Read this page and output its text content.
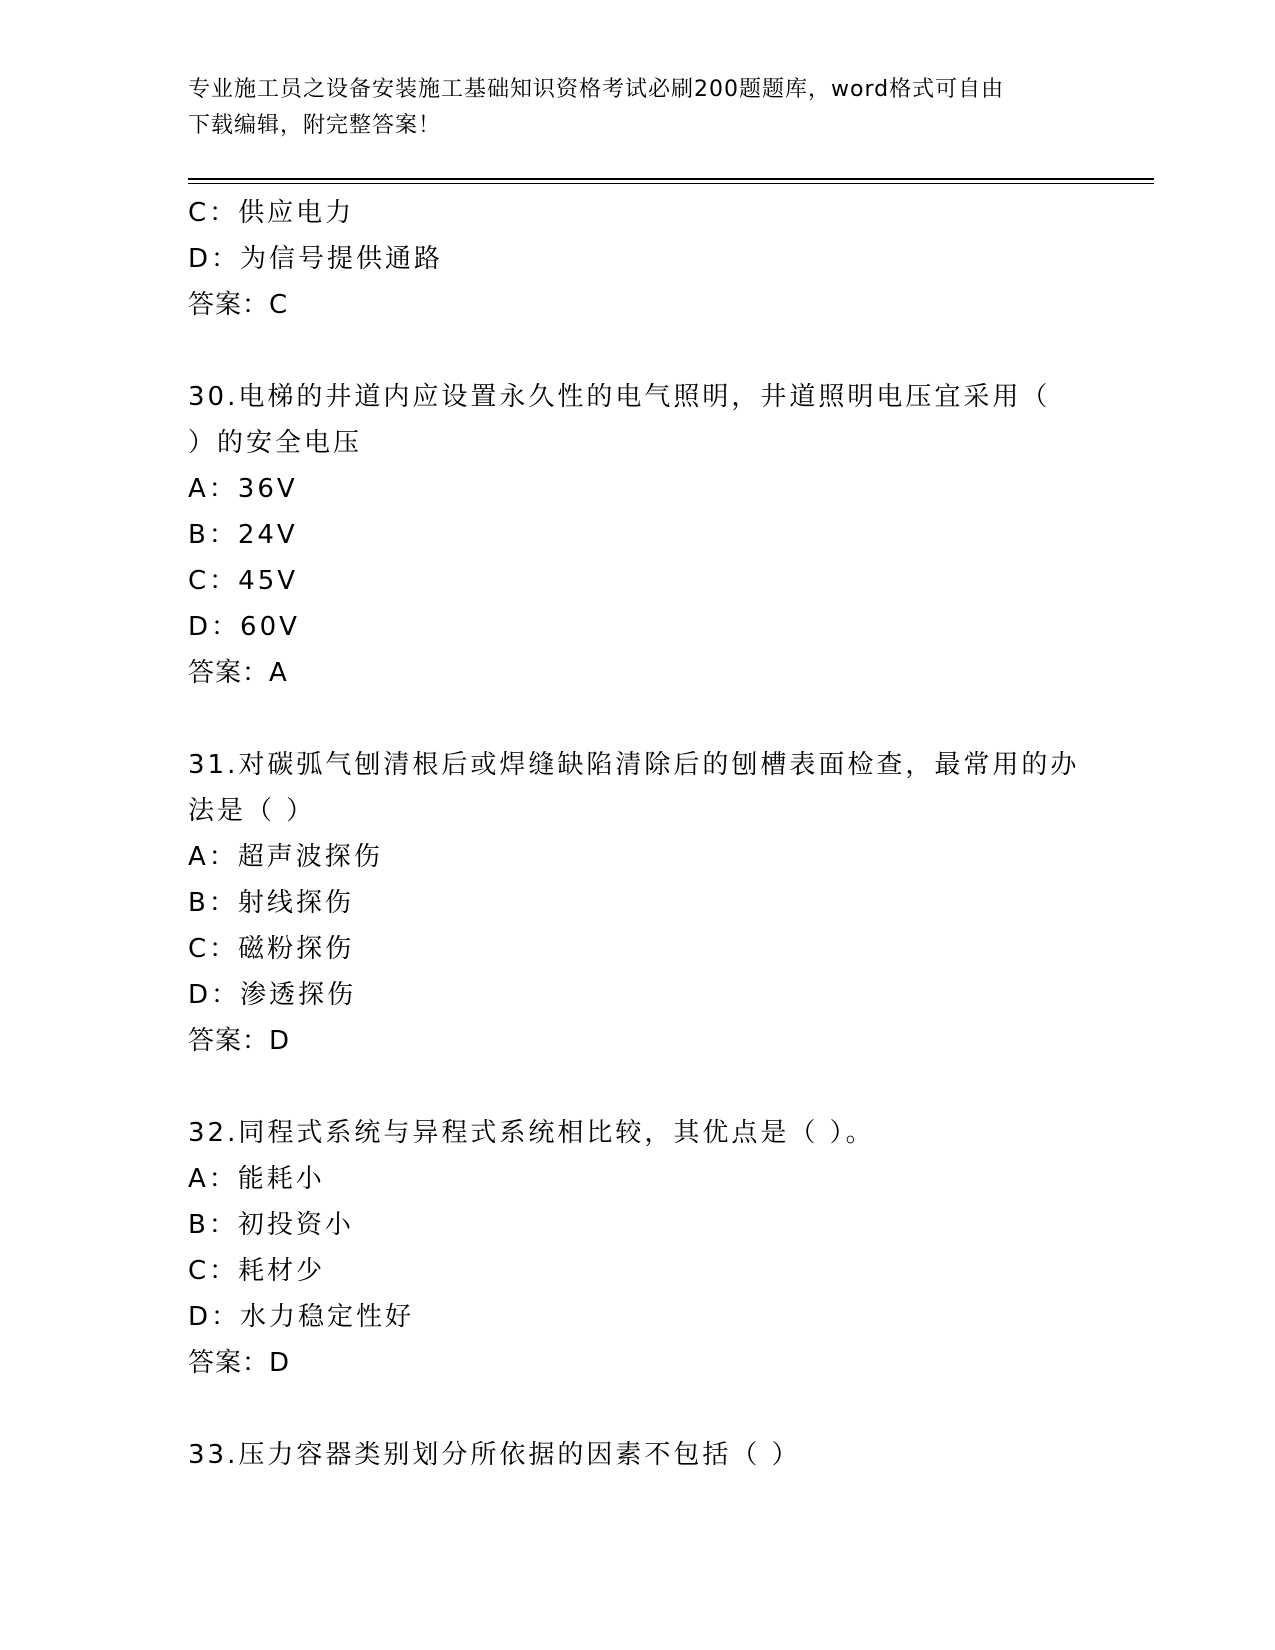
专业施工员之设备安装施工基础知识资格考试必刷200题题库，word格式可自由
下载编辑，附完整答案！
C：供应电力
D：为信号提供通路
答案：C
30.电梯的井道内应设置永久性的电气照明，井道照明电压宜采用（
）的安全电压
A：36V
B：24V
C：45V
D：60V
答案：A
31.对碳弧气刨清根后或焊缝缺陷清除后的刨槽表面检查，最常用的办
法是（ ）
A：超声波探伤
B：射线探伤
C：磁粉探伤
D：渗透探伤
答案：D
32.同程式系统与异程式系统相比较，其优点是（ ）。
A：能耗小
B：初投资小
C：耗材少
D：水力稳定性好
答案：D
33.压力容器类别划分所依据的因素不包括（ ）
